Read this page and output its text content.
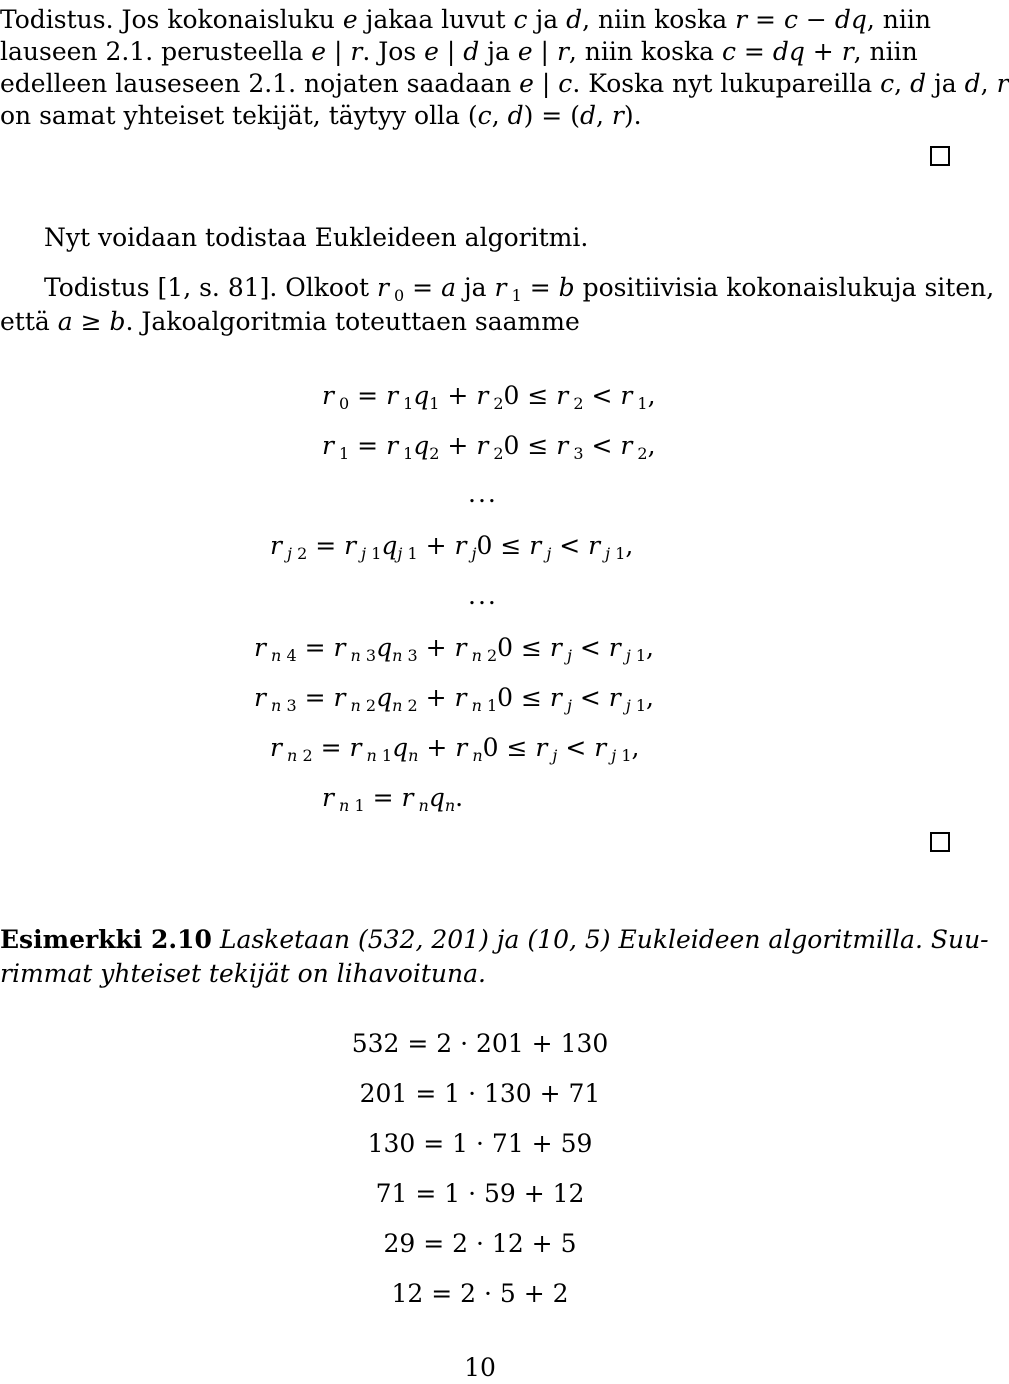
Todistus. Jos kokonaisluku e jakaa luvut c ja d, niin koska r = c − dq, niin
lauseen 2.1. perusteella e | r. Jos e | d ja e | r, niin koska c = dq + r, niin
edelleen lauseseen 2.1. nojaten saadaan e | c. Koska nyt lukupareilla c, d ja d, r
on samat yhteiset tekijät, täytyy olla (c, d) = (d, r).
Nyt voidaan todistaa Eukleideen algoritmi.
Todistus [1, s. 81]. Olkoot r $_0$ = a ja r $_1$ = b positiivisia kokonaislukuja siten,
että a ≥ b. Jakoalgoritmia toteuttaen saamme
r $_0$ = r $_1q_1 + r$ $_2$0 ≤ r $_2$ < r $_1$,
r $_1$ = r $_1q_2 + r$ $_2$0 ≤ r $_3$ < r $_2$,
...
r $_{j 2}$ = r $_{j 1}q_{j 1} + r$ $_j$0 ≤ r $_j$ < r $_{j 1}$,
...
r $_{n 4}$ = r $_{n 3}q_{n 3} + r$ $_{n 2}$0 ≤ r $_j$ < r $_{j 1}$,
r $_{n 3}$ = r $_{n 2}q_{n 2} + r$ $_{n 1}$0 ≤ r $_j$ < r $_{j 1}$,
r $_{n 2}$ = r $_{n 1}q_n + r$ $_n$0 ≤ r $_j$ < r $_{j 1}$,
r $_{n 1}$ = r $_nq_n$.
Esimerkki 2.10 Lasketaan (532, 201) ja (10, 5) Eukleideen algoritmilla. Suu-
rimmat yhteiset tekijät on lihavoituna.
532 = 2 · 201 + 130
201 = 1 · 130 + 71
130 = 1 · 71 + 59
71 = 1 · 59 + 12
29 = 2 · 12 + 5
12 = 2 · 5 + 2
10
